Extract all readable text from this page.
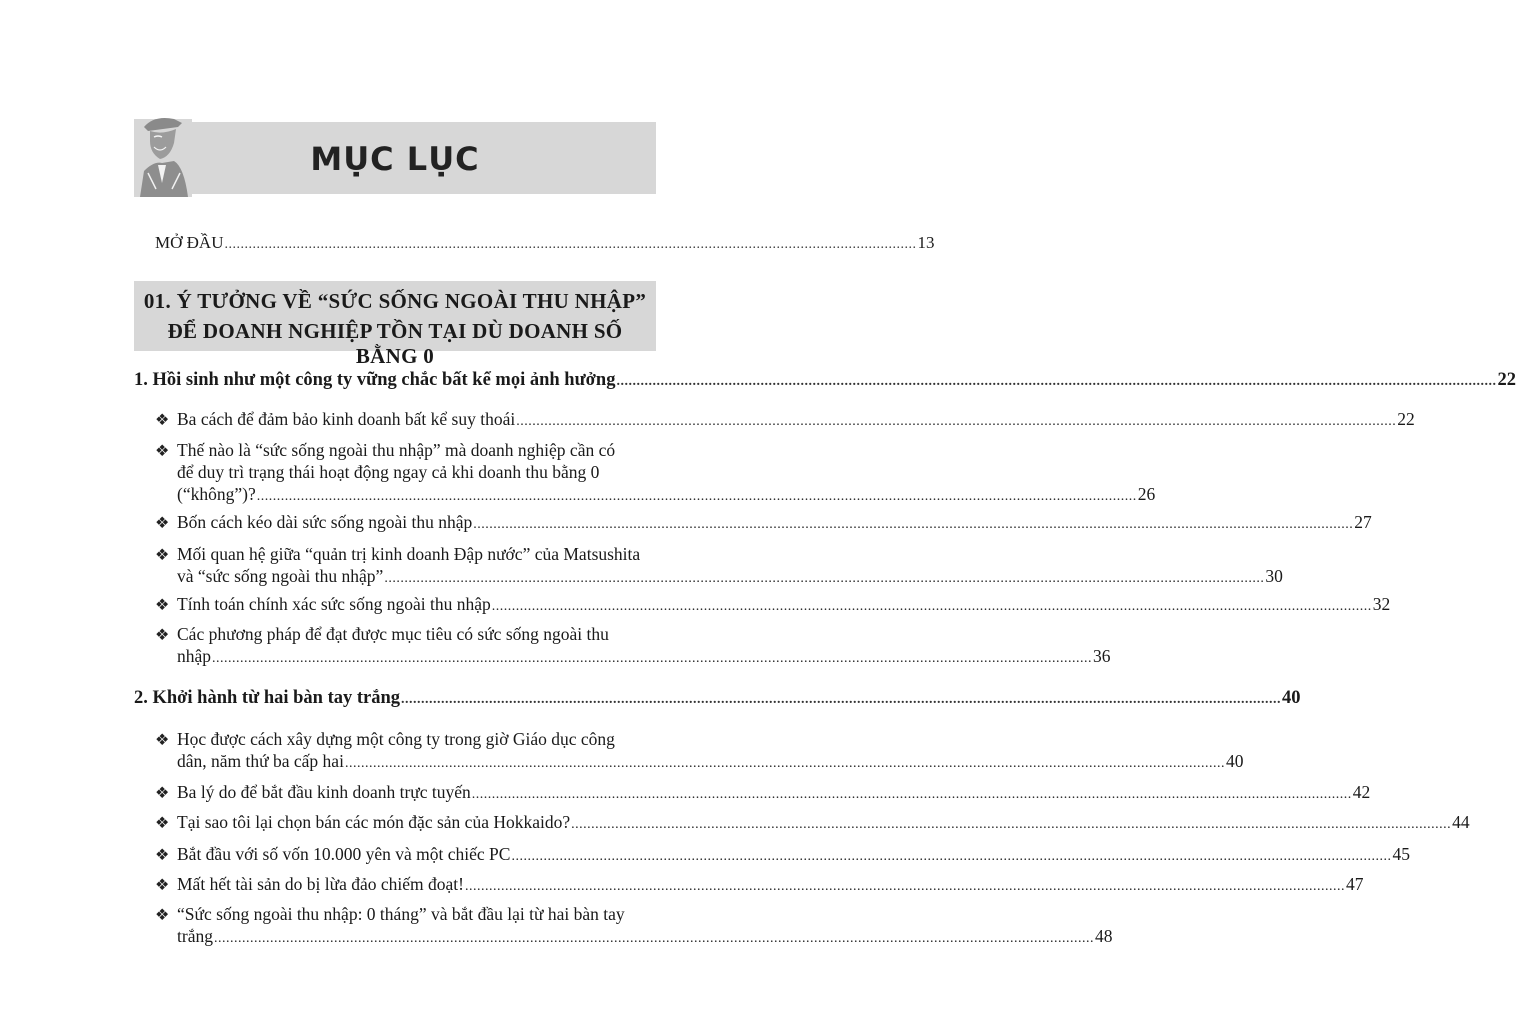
MỤC LỤC
MỞ ĐẦU ............................................................................................................................................................................. 13
01. Ý TƯỞNG VỀ “SỨC SỐNG NGOÀI THU NHẬP”
ĐỂ DOANH NGHIỆP TỒN TẠI DÙ DOANH SỐ BẰNG 0
1. Hồi sinh như một công ty vững chắc bất kể mọi ảnh hưởng ............................................................................................................................................................................................................................ 22
❖ Ba cách để đảm bảo kinh doanh bất kể suy thoái ............................................................................................................................................................................................................................ 22
❖ Thế nào là “sức sống ngoài thu nhập” mà doanh nghiệp cần có
để duy trì trạng thái hoạt động ngay cả khi doanh thu bằng 0
(“không”)? ............................................................................................................................................................................................................................ 26
❖ Bốn cách kéo dài sức sống ngoài thu nhập ............................................................................................................................................................................................................................ 27
❖ Mối quan hệ giữa “quản trị kinh doanh Đập nước” của Matsushita
và “sức sống ngoài thu nhập” ............................................................................................................................................................................................................................ 30
❖ Tính toán chính xác sức sống ngoài thu nhập ............................................................................................................................................................................................................................ 32
❖ Các phương pháp để đạt được mục tiêu có sức sống ngoài thu
nhập ............................................................................................................................................................................................................................ 36
2. Khởi hành từ hai bàn tay trắng ............................................................................................................................................................................................................................ 40
❖ Học được cách xây dựng một công ty trong giờ Giáo dục công
dân, năm thứ ba cấp hai ............................................................................................................................................................................................................................ 40
❖ Ba lý do để bắt đầu kinh doanh trực tuyến ............................................................................................................................................................................................................................ 42
❖ Tại sao tôi lại chọn bán các món đặc sản của Hokkaido? ............................................................................................................................................................................................................................ 44
❖ Bắt đầu với số vốn 10.000 yên và một chiếc PC ............................................................................................................................................................................................................................ 45
❖ Mất hết tài sản do bị lừa đảo chiếm đoạt! ............................................................................................................................................................................................................................ 47
❖ “Sức sống ngoài thu nhập: 0 tháng” và bắt đầu lại từ hai bàn tay
trắng ............................................................................................................................................................................................................................ 48
